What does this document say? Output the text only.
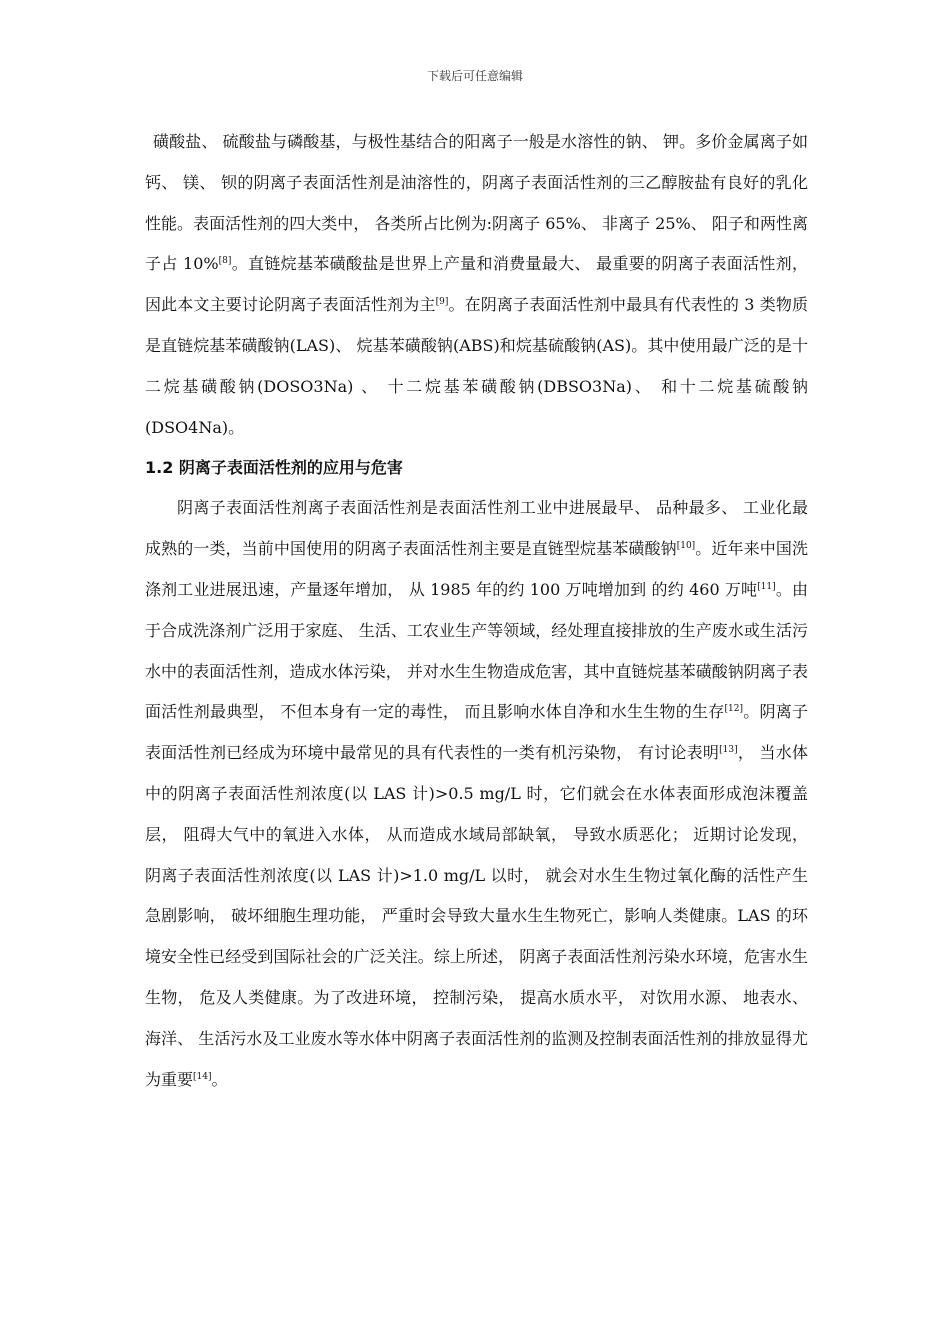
下载后可任意编辑

磺酸盐、 硫酸盐与磷酸基，与极性基结合的阳离子一般是水溶性的钠、 钾。多价金属离子如钙、 镁、 钡的阴离子表面活性剂是油溶性的，阴离子表面活性剂的三乙醇胺盐有良好的乳化性能。表面活性剂的四大类中， 各类所占比例为:阴离子 65%、 非离子 25%、 阳子和两性离子占 10%[8]。直链烷基苯磺酸盐是世界上产量和消费量最大、 最重要的阴离子表面活性剂，因此本文主要讨论阴离子表面活性剂为主[9]。在阴离子表面活性剂中最具有代表性的 3 类物质是直链烷基苯磺酸钠(LAS)、 烷基苯磺酸钠(ABS)和烷基硫酸钠(AS)。其中使用最广泛的是十二烷基磺酸钠(DOSO3Na) 、 十二烷基苯磺酸钠(DBSO3Na)、 和十二烷基硫酸钠(DSO4Na)。

1.2 阴离子表面活性剂的应用与危害

阴离子表面活性剂离子表面活性剂是表面活性剂工业中进展最早、 品种最多、 工业化最成熟的一类，当前中国使用的阴离子表面活性剂主要是直链型烷基苯磺酸钠[10]。近年来中国洗涤剂工业进展迅速，产量逐年增加， 从 1985 年的约 100 万吨增加到 的约 460 万吨[11]。由于合成洗涤剂广泛用于家庭、 生活、工农业生产等领域，经处理直接排放的生产废水或生活污水中的表面活性剂，造成水体污染， 并对水生生物造成危害，其中直链烷基苯磺酸钠阴离子表面活性剂最典型， 不但本身有一定的毒性， 而且影响水体自净和水生生物的生存[12]。阴离子表面活性剂已经成为环境中最常见的具有代表性的一类有机污染物， 有讨论表明[13]， 当水体中的阴离子表面活性剂浓度(以 LAS 计)>0.5 mg/L 时，它们就会在水体表面形成泡沫覆盖层， 阻碍大气中的氧进入水体， 从而造成水域局部缺氧， 导致水质恶化； 近期讨论发现， 阴离子表面活性剂浓度(以 LAS 计)>1.0 mg/L 以时， 就会对水生生物过氧化酶的活性产生急剧影响， 破坏细胞生理功能， 严重时会导致大量水生生物死亡，影响人类健康。LAS 的环境安全性已经受到国际社会的广泛关注。综上所述， 阴离子表面活性剂污染水环境，危害水生生物， 危及人类健康。为了改进环境， 控制污染， 提高水质水平， 对饮用水源、 地表水、 海洋、 生活污水及工业废水等水体中阴离子表面活性剂的监测及控制表面活性剂的排放显得尤为重要[14]。
